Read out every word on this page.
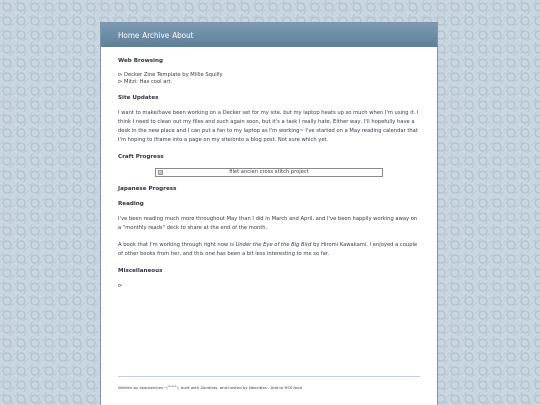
Home Archive About
Web Browsing
⊳ Decker Zine Template by Millie Squilly
⊳ Mitzi: Has cool art.
Site Updates

I want to make/have been working on a Decker set for my site, but my laptop heats up so much when I'm using it. I think I need to clean out my files and such again soon, but it's a task I really hate. Either way, I'll hopefully have a desk in the new place and I can put a fan to my laptop as I'm working~ I've started on a May reading calendar that I'm hoping to iframe into a page on my site/onto a blog post. Not sure which yet.

Craft Progress
filet ancien cross stitch project
Japanese Progress
Reading

I've been reading much more throughout May than I did in March and April, and I've been happily working away on a "monthly reads" deck to share at the end of the month.

A book that I'm working through right now is Under the Eye of the Big Bird by Hiromi Kawakami. I enjoyed a couple of other books from her, and this one has been a bit less interesting to me so far.

Miscellaneous

⊳

Written by kkamatches~(꒪꒳꒪), built with Zonelets, and hosted by Neocities - Add to RSS feed
